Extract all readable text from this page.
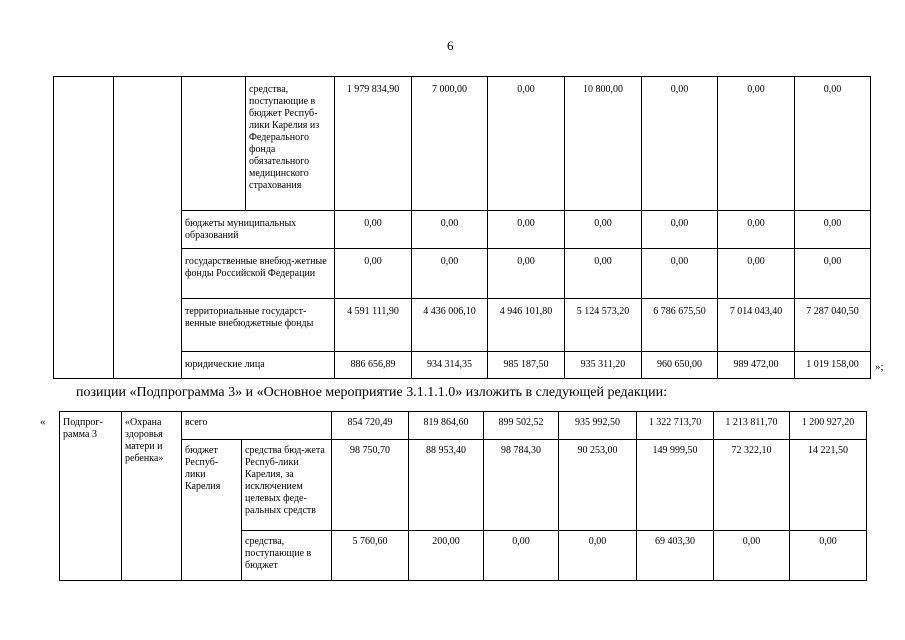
6
			средства, поступающие в бюджет Респуб-лики Карелия из Федерального фонда обязательного медицинского страхования	1 979 834,90	7 000,00	0,00	10 800,00	0,00	0,00	0,00
		бюджеты муниципальных образований		0,00	0,00	0,00	0,00	0,00	0,00	0,00
		государственные внебюд-жетные фонды Российской Федерации		0,00	0,00	0,00	0,00	0,00	0,00	0,00
		территориальные государст-венные внебюджетные фонды		4 591 111,90	4 436 006,10	4 946 101,80	5 124 573,20	6 786 675,50	7 014 043,40	7 287 040,50
		юридические лица		886 656,89	934 314,35	985 187,50	935 311,20	960 650,00	989 472,00	1 019 158,00 »;
позиции «Подпрограмма 3» и «Основное мероприятие 3.1.1.1.0» изложить в следующей редакции:
« Подпрог-рамма 3	«Охрана здоровья матери и ребенка»	всего		854 720,49	819 864,60	899 502,52	935 992,50	1 322 713,70	1 213 811,70	1 200 927,20
		бюджет Респуб-лики Карелия	средства бюд-жета Респуб-лики Карелия, за исключением целевых феде-ральных средств	98 750,70	88 953,40	98 784,30	90 253,00	149 999,50	72 322,10	14 221,50
			средства, поступающие в бюджет	5 760,60	200,00	0,00	0,00	69 403,30	0,00	0,00
